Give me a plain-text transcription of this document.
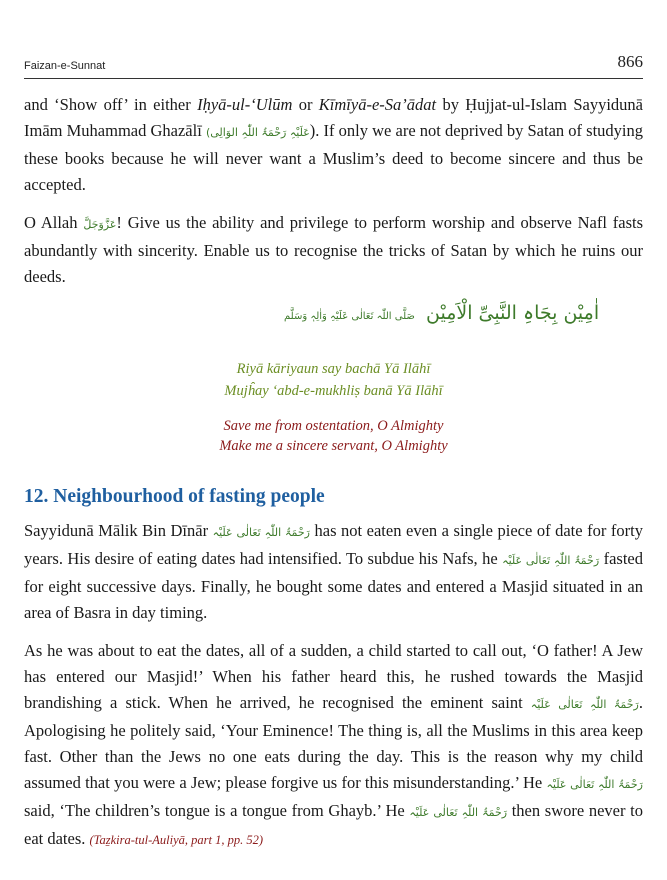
Faizan-e-Sunnat	866

and ‘Show off’ in either Iḥyā-ul-‘Ulūm or Kīmīyā-e-Sa’ādat by Ḥujjat-ul-Islam Sayyidunā Imām Muhammad Ghazālī (عَلَیْہِ رَحْمَۃُ اللّٰہِ الوَالِی). If only we are not deprived by Satan of studying these books because he will never want a Muslim’s deed to become sincere and thus be accepted.

O Allah عَزَّوَجَلَّ! Give us the ability and privilege to perform worship and observe Nafl fasts abundantly with sincerity. Enable us to recognise the tricks of Satan by which he ruins our deeds.

اٰمِیْن بِجَاہِ النَّبِیِّ الْاَمِیْن صَلَّی اللّٰہ تَعَالٰی عَلَیْہِ وَاٰلِہٖ وَسَلَّم
Riyā kāriyaun say bachā Yā Ilāhī
Mujĥay ‘abd-e-mukhliṣ banā Yā Ilāhī
Save me from ostentation, O Almighty
Make me a sincere servant, O Almighty
12. Neighbourhood of fasting people

Sayyidunā Mālik Bin Dīnār رَحْمَۃُ اللّٰہِ تَعَالٰی عَلَیْہ has not eaten even a single piece of date for forty years. His desire of eating dates had intensified. To subdue his Nafs, he رَحْمَۃُ اللّٰہِ تَعَالٰی عَلَیْہ fasted for eight successive days. Finally, he bought some dates and entered a Masjid situated in an area of Basra in day timing.

As he was about to eat the dates, all of a sudden, a child started to call out, ‘O father! A Jew has entered our Masjid!’ When his father heard this, he rushed towards the Masjid brandishing a stick. When he arrived, he recognised the eminent saint رَحْمَۃُ اللّٰہِ تَعَالٰی عَلَیْہ. Apologising he politely said, ‘Your Eminence! The thing is, all the Muslims in this area keep fast. Other than the Jews no one eats during the day. This is the reason why my child assumed that you were a Jew; please forgive us for this misunderstanding.’ He رَحْمَۃُ اللّٰہِ تَعَالٰی عَلَیْہ said, ‘The children’s tongue is a tongue from Ghayb.’ He رَحْمَۃُ اللّٰہِ تَعَالٰی عَلَیْہ then swore never to eat dates. (Taẕkira-tul-Auliyā, part 1, pp. 52)
